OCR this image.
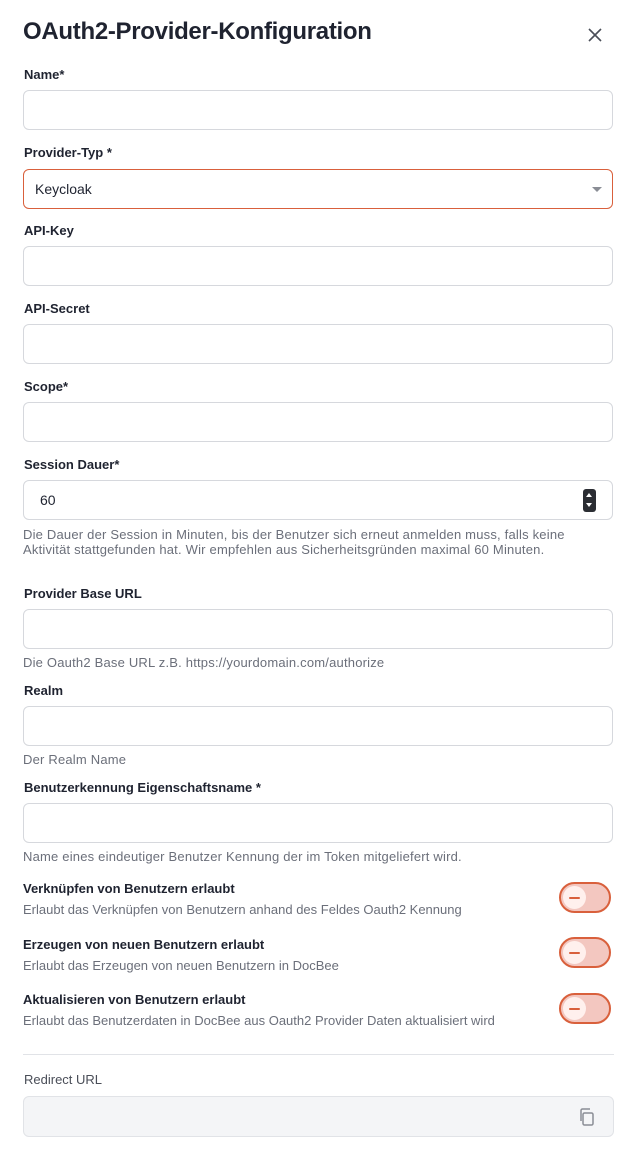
OAuth2-Provider-Konfiguration
Name*
Provider-Typ *
Keycloak
API-Key
API-Secret
Scope*
Session Dauer*
60
Die Dauer der Session in Minuten, bis der Benutzer sich erneut anmelden muss, falls keine Aktivität stattgefunden hat. Wir empfehlen aus Sicherheitsgründen maximal 60 Minuten.
Provider Base URL
Die Oauth2 Base URL z.B. https://yourdomain.com/authorize
Realm
Der Realm Name
Benutzerkennung Eigenschaftsname *
Name eines eindeutiger Benutzer Kennung der im Token mitgeliefert wird.
Verknüpfen von Benutzern erlaubt
Erlaubt das Verknüpfen von Benutzern anhand des Feldes Oauth2 Kennung
Erzeugen von neuen Benutzern erlaubt
Erlaubt das Erzeugen von neuen Benutzern in DocBee
Aktualisieren von Benutzern erlaubt
Erlaubt das Benutzerdaten in DocBee aus Oauth2 Provider Daten aktualisiert wird
Redirect URL
